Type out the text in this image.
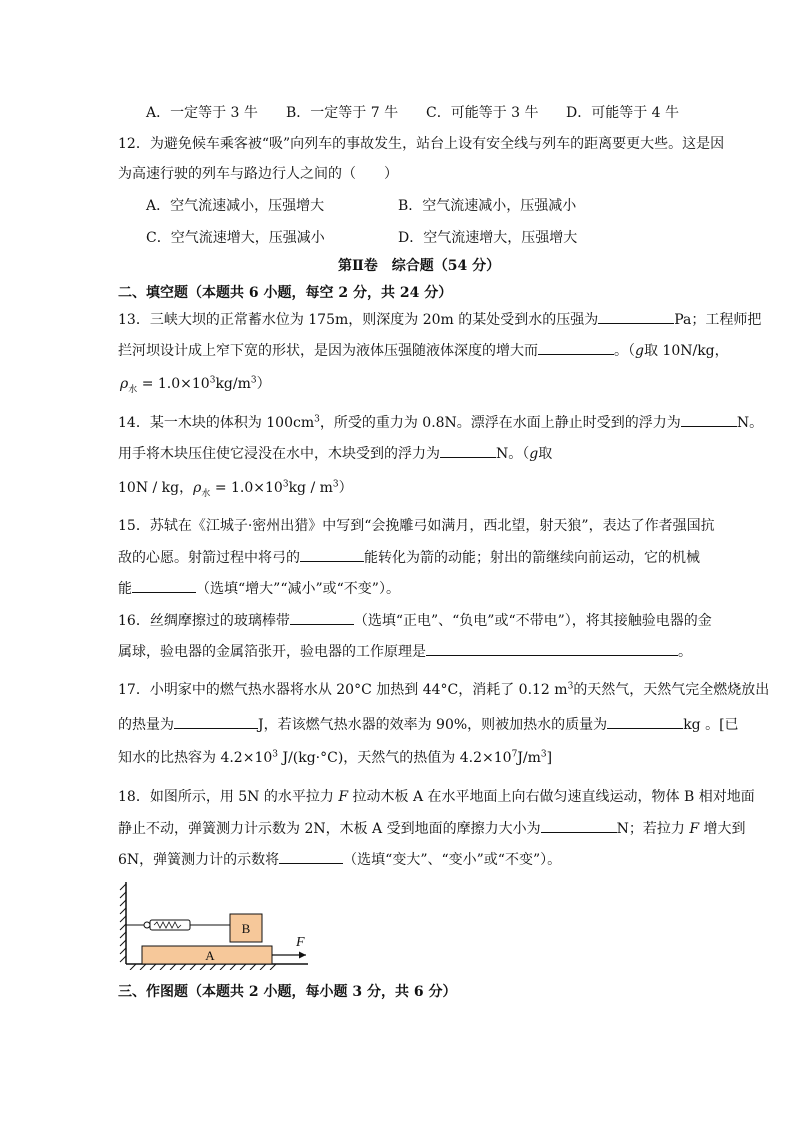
A．一定等于 3 牛 B．一定等于 7 牛 C．可能等于 3 牛 D．可能等于 4 牛
12．为避免候车乘客被“吸”向列车的事故发生，站台上设有安全线与列车的距离要更大些。这是因
为高速行驶的列车与路边行人之间的（　　）
A．空气流速减小，压强增大	B．空气流速减小，压强减小
C．空气流速增大，压强减小	D．空气流速增大，压强增大
第Ⅱ卷　综合题（54 分）
二、填空题（本题共 6 小题，每空 2 分，共 24 分）
13．三峡大坝的正常蓄水位为 175m，则深度为 20m 的某处受到水的压强为	Pa；工程师把
拦河坝设计成上窄下宽的形状，是因为液体压强随液体深度的增大而	。（g取 10N/kg，
$\rho_水 = 1.0\times 10^3kg/m^3$）
14．某一木块的体积为 $100cm^3$，所受的重力为 0.8N。漂浮在水面上静止时受到的浮力为	N。
用手将木块压住使它浸没在水中，木块受到的浮力为	N。（g取
10N / kg，$\rho_水 = 1.0\times 10^3kg / m^3$）
15．苏轼在《江城子·密州出猎》中写到“会挽雕弓如满月，西北望，射天狼”，表达了作者强国抗
敌的心愿。射箭过程中将弓的	能转化为箭的动能；射出的箭继续向前运动，它的机械
能	（选填“增大”“减小”或“不变”）。
16．丝绸摩擦过的玻璃棒带	（选填“正电”、“负电”或“不带电”），将其接触验电器的金
属球，验电器的金属箔张开，验电器的工作原理是	。
17．小明家中的燃气热水器将水从 20°C 加热到 44°C，消耗了 0.12 $m^3$的天然气，天然气完全燃烧放出
的热量为	J，若该燃气热水器的效率为 90%，则被加热水的质量为	kg 。[已
知水的比热容为 $4.2\times 10^3$ J/(kg·°C)，天然气的热值为 $4.2\times 10^7J/m^3$]
18．如图所示，用 5N 的水平拉力 F 拉动木板 A 在水平地面上向右做匀速直线运动，物体 B 相对地面
静止不动，弹簧测力计示数为 2N，木板 A 受到地面的摩擦力大小为	N；若拉力 F 增大到
6N，弹簧测力计的示数将	（选填“变大”、“变小”或“不变”）。
B
A
F
三、作图题（本题共 2 小题，每小题 3 分，共 6 分）
